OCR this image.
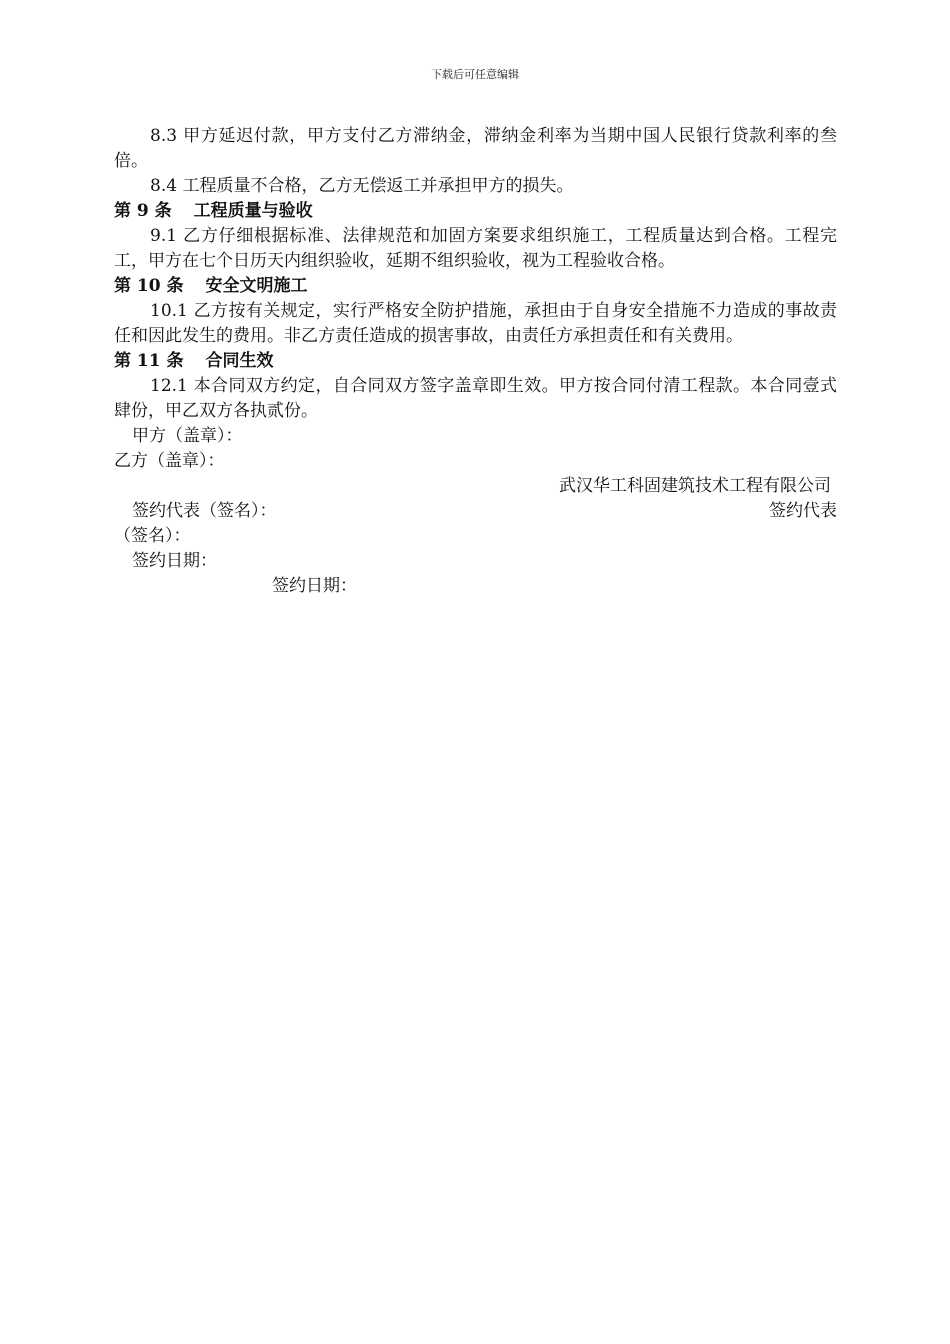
下载后可任意编辑

8.3 甲方延迟付款，甲方支付乙方滞纳金，滞纳金利率为当期中国人民银行贷款利率的叁倍。

8.4 工程质量不合格，乙方无偿返工并承担甲方的损失。

第 9 条 工程质量与验收

9.1 乙方仔细根据标准、法律规范和加固方案要求组织施工，工程质量达到合格。工程完工，甲方在七个日历天内组织验收，延期不组织验收，视为工程验收合格。

第 10 条 安全文明施工

10.1 乙方按有关规定，实行严格安全防护措施，承担由于自身安全措施不力造成的事故责任和因此发生的费用。非乙方责任造成的损害事故，由责任方承担责任和有关费用。

第 11 条 合同生效

12.1 本合同双方约定，自合同双方签字盖章即生效。甲方按合同付清工程款。本合同壹式肆份，甲乙双方各执贰份。

甲方（盖章）：

乙方（盖章）：

武汉华工科固建筑技术工程有限公司

签约代表（签名）：	签约代表

（签名）：

签约日期：

签约日期：
